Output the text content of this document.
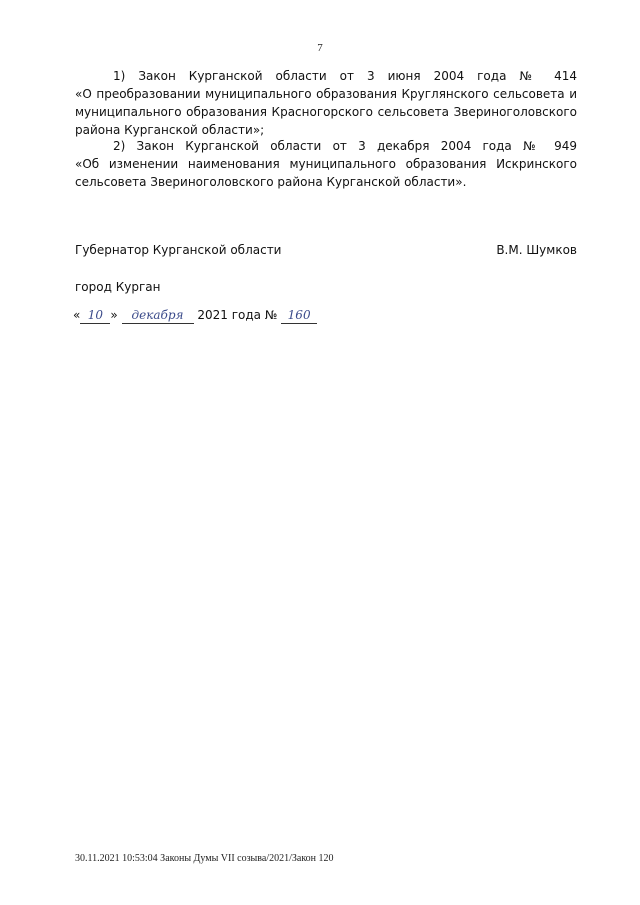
7
1) Закон Курганской области от 3 июня 2004 года № 414
«О преобразовании муниципального образования Круглянского сельсовета и муниципального образования Красногорского сельсовета Звериноголовского района Курганской области»;
2) Закон Курганской области от 3 декабря 2004 года № 949
«Об изменении наименования муниципального образования Искринского сельсовета Звериноголовского района Курганской области».
Губернатор Курганской области	В.М. Шумков
город Курган
« 10 » декабря 2021 года № 160
30.11.2021 10:53:04 Законы Думы VII созыва/2021/Закон 120
